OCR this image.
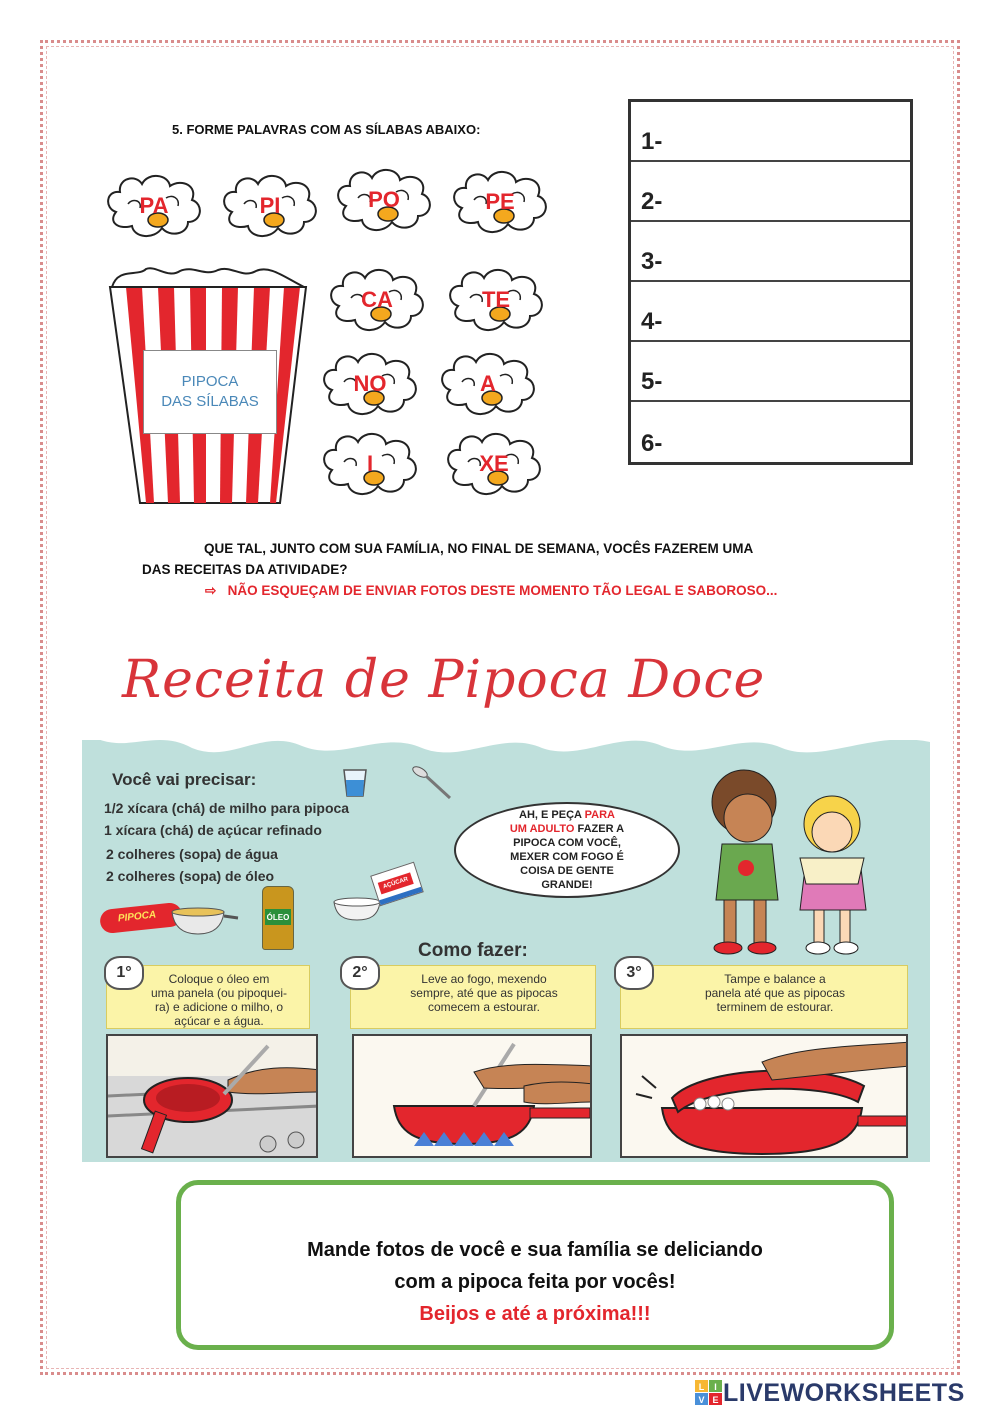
5. FORME PALAVRAS COM AS SÍLABAS ABAIXO:
PA	PI	PO	PE
CA	TE
NO	A
I	XE
PIPOCA
DAS SÍLABAS
1-
2-
3-
4-
5-
6-
QUE TAL, JUNTO COM SUA FAMÍLIA, NO FINAL DE SEMANA, VOCÊS FAZEREM UMA
DAS RECEITAS DA ATIVIDADE?
⇨ NÃO ESQUEÇAM DE ENVIAR FOTOS DESTE MOMENTO TÃO LEGAL E SABOROSO...
Receita de Pipoca Doce
Você vai precisar:
1/2 xícara (chá) de milho para pipoca
1 xícara (chá) de açúcar refinado
2 colheres (sopa) de água
2 colheres (sopa) de óleo
PIPOCA	ÓLEO
AÇÚCAR
AH, E PEÇA PARA
UM ADULTO FAZER A
PIPOCA COM VOCÊ,
MEXER COM FOGO É
COISA DE GENTE
GRANDE!
Como fazer:
Coloque o óleo em
uma panela (ou pipoquei-
ra) e adicione o milho, o
açúcar e a água.
1°	Leve ao fogo, mexendo
sempre, até que as pipocas
comecem a estourar.
2°	Tampe e balance a
panela até que as pipocas
terminem de estourar.
3°
Mande fotos de você e sua família se deliciando
com a pipoca feita por vocês!
Beijos e até a próxima!!!
L I
V E LIVEWORKSHEETS
